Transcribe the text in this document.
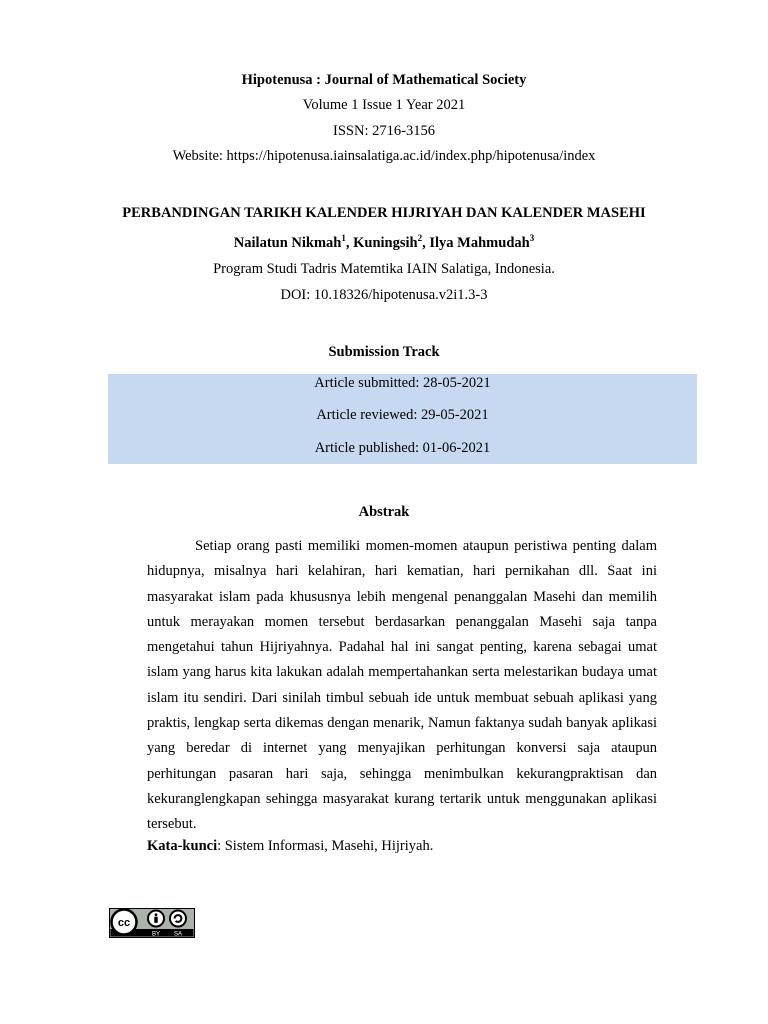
Hipotenusa : Journal of Mathematical Society
Volume 1 Issue 1 Year 2021
ISSN: 2716-3156
Website: https://hipotenusa.iainsalatiga.ac.id/index.php/hipotenusa/index
PERBANDINGAN TARIKH KALENDER HIJRIYAH DAN KALENDER MASEHI
Nailatun Nikmah$^1$, Kuningsih$^2$, Ilya Mahmudah$^3$
Program Studi Tadris Matemtika IAIN Salatiga, Indonesia.
DOI: 10.18326/hipotenusa.v2i1.3-3
Submission Track
Article submitted: 28-05-2021
Article reviewed: 29-05-2021
Article published: 01-06-2021
Abstrak

Setiap orang pasti memiliki momen-momen ataupun peristiwa penting dalam hidupnya, misalnya hari kelahiran, hari kematian, hari pernikahan dll. Saat ini masyarakat islam pada khususnya lebih mengenal penanggalan Masehi dan memilih untuk merayakan momen tersebut berdasarkan penanggalan Masehi saja tanpa mengetahui tahun Hijriyahnya. Padahal hal ini sangat penting, karena sebagai umat islam yang harus kita lakukan adalah mempertahankan serta melestarikan budaya umat islam itu sendiri. Dari sinilah timbul sebuah ide untuk membuat sebuah aplikasi yang praktis, lengkap serta dikemas dengan menarik, Namun faktanya sudah banyak aplikasi yang beredar di internet yang menyajikan perhitungan konversi saja ataupun perhitungan pasaran hari saja, sehingga menimbulkan kekurangpraktisan dan kekuranglengkapan sehingga masyarakat kurang tertarik untuk menggunakan aplikasi tersebut.

Kata-kunci: Sistem Informasi, Masehi, Hijriyah.
cc
BY SA
